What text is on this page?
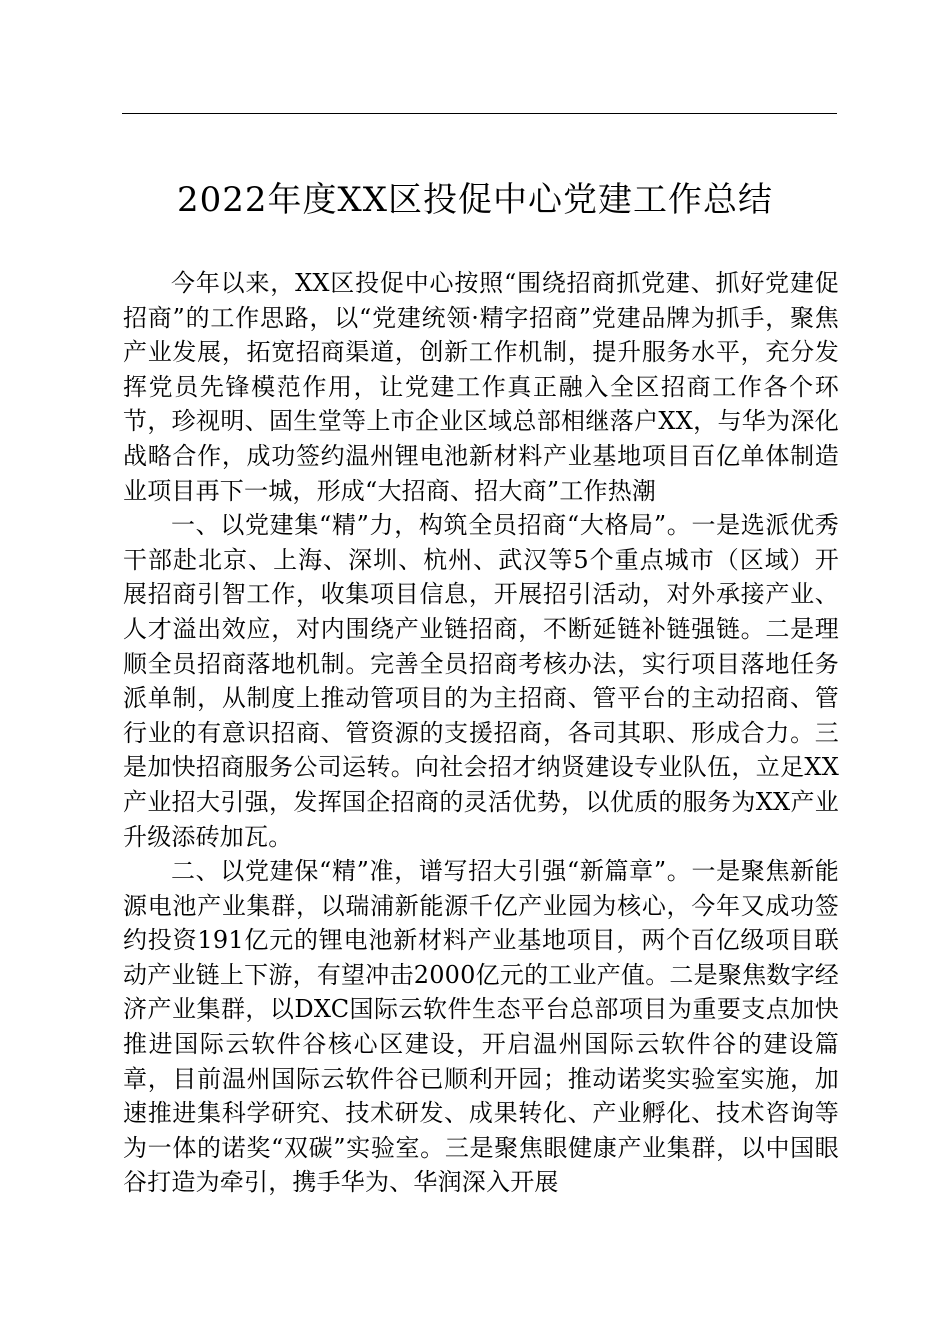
2022年度XX区投促中心党建工作总结

今年以来，XX区投促中心按照“围绕招商抓党建、抓好党建促招商”的工作思路，以“党建统领·精字招商”党建品牌为抓手，聚焦产业发展，拓宽招商渠道，创新工作机制，提升服务水平，充分发挥党员先锋模范作用，让党建工作真正融入全区招商工作各个环节，珍视明、固生堂等上市企业区域总部相继落户XX，与华为深化战略合作，成功签约温州锂电池新材料产业基地项目百亿单体制造业项目再下一城，形成“大招商、招大商”工作热潮

一、以党建集“精”力，构筑全员招商“大格局”。一是选派优秀干部赴北京、上海、深圳、杭州、武汉等5个重点城市（区域）开展招商引智工作，收集项目信息，开展招引活动，对外承接产业、人才溢出效应，对内围绕产业链招商，不断延链补链强链。二是理顺全员招商落地机制。完善全员招商考核办法，实行项目落地任务派单制，从制度上推动管项目的为主招商、管平台的主动招商、管行业的有意识招商、管资源的支援招商，各司其职、形成合力。三是加快招商服务公司运转。向社会招才纳贤建设专业队伍，立足XX产业招大引强，发挥国企招商的灵活优势，以优质的服务为XX产业升级添砖加瓦。

二、以党建保“精”准，谱写招大引强“新篇章”。一是聚焦新能源电池产业集群，以瑞浦新能源千亿产业园为核心，今年又成功签约投资191亿元的锂电池新材料产业基地项目，两个百亿级项目联动产业链上下游，有望冲击2000亿元的工业产值。二是聚焦数字经济产业集群，以DXC国际云软件生态平台总部项目为重要支点加快推进国际云软件谷核心区建设，开启温州国际云软件谷的建设篇章，目前温州国际云软件谷已顺利开园；推动诺奖实验室实施，加速推进集科学研究、技术研发、成果转化、产业孵化、技术咨询等为一体的诺奖“双碳”实验室。三是聚焦眼健康产业集群，以中国眼谷打造为牵引，携手华为、华润深入开展
